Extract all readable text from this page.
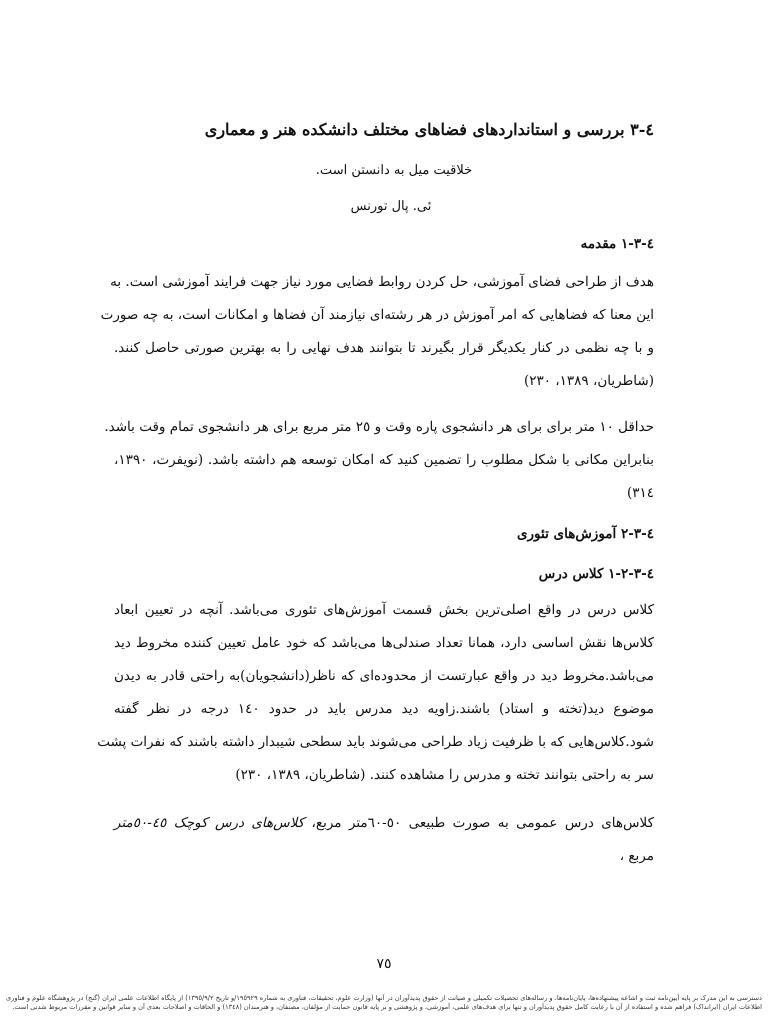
٤-٣ بررسی و استانداردهای فضاهای مختلف دانشکده هنر و معماری
خلاقیت میل به دانستن است.
ئی. پال تورنس
٤-٣-١ مقدمه
هدف از طراحی فضای آموزشی، حل کردن روابط فضایی مورد نیاز جهت فرایند آموزشی است. به
این معنا که فضاهایی که امر آموزش در هر رشته‌ای نیازمند آن فضاها و امکانات است، به چه صورت
و با چه نظمی در کنار یکدیگر قرار بگیرند تا بتوانند هدف نهایی را به بهترین صورتی حاصل کنند.
(شاطریان، ١٣٨٩، ٢٣٠)
حداقل ١٠ متر برای برای هر دانشجوی پاره وقت و ٢٥ متر مربع برای هر دانشجوی تمام وقت باشد.
بنابراین مکانی با شکل مطلوب را تضمین کنید که امکان توسعه هم داشته باشد. (نویفرت، ١٣٩٠،
٣١٤)
٤-٣-٢ آموزش‌های تئوری
٤-٣-٢-١ کلاس درس
کلاس درس در واقع اصلی‌ترین بخش قسمت آموزش‌های تئوری می‌باشد. آنچه در تعیین ابعاد
کلاس‌ها نقش اساسی دارد، همانا تعداد صندلی‌ها می‌باشد که خود عامل تعیین کننده مخروط دید
می‌باشد.مخروط دید در واقع عبارتست از محدوده‌ای که ناظر(دانشجویان)به راحتی قادر به دیدن
موضوع دید(تخته و استاد) باشند.زاویه دید مدرس باید در حدود ١٤٠ درجه در نظر گفته
شود.کلاس‌هایی که با ظرفیت زیاد طراحی می‌شوند باید سطحی شیبدار داشته باشند که نفرات پشت
سر به راحتی بتوانند تخته و مدرس را مشاهده کنند. (شاطریان، ١٣٨٩، ٢٣٠)
کلاس‌های درس عمومی به صورت طبیعی ٥٠-٦٠متر مربع، کلاس‌های درس کوچک ٤٥-٥٠متر
مربع ،
٧٥
دسترسی به این مدرک بر پایه آیین‌نامه ثبت و اشاعه پیشنهاده‌ها، پایان‌نامه‌ها، و رساله‌های تحصیلات تکمیلی و صیانت از حقوق پدیدآوران در آنها (وزارت علوم، تحقیقات، فناوری به شماره ١٩٥٩٢٩/و تاریخ ١٣٩٥/٩/٢) از پایگاه اطلاعات علمی ایران (گنج) در پژوهشگاه علوم و فناوری اطلاعات ایران (ایرانداک) فراهم شده و استفاده از آن با رعایت کامل حقوق پدیدآوران و تنها برای هدف‌های علمی، آموزشی، و پژوهشی و بر پایه قانون حمایت از مؤلفان، مصنفان، و هنرمندان (١٣٤٨) و الحاقات و اصلاحات بعدی آن و سایر قوانین و مقررات مربوط شدنی است.
